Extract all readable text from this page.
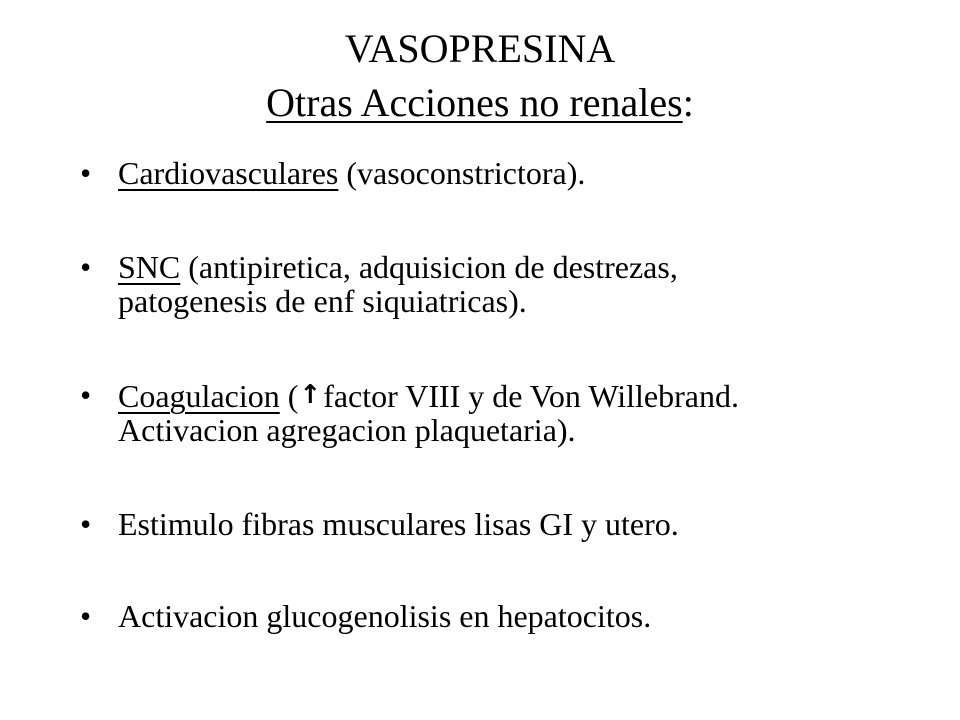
VASOPRESINA
Otras Acciones no renales:
• Cardiovasculares (vasoconstrictora).
• SNC (antipiretica, adquisicion de destrezas,
patogenesis de enf siquiatricas).
• Coagulacion (↑factor VIII y de Von Willebrand.
Activacion agregacion plaquetaria).
• Estimulo fibras musculares lisas GI y utero.
• Activacion glucogenolisis en hepatocitos.
